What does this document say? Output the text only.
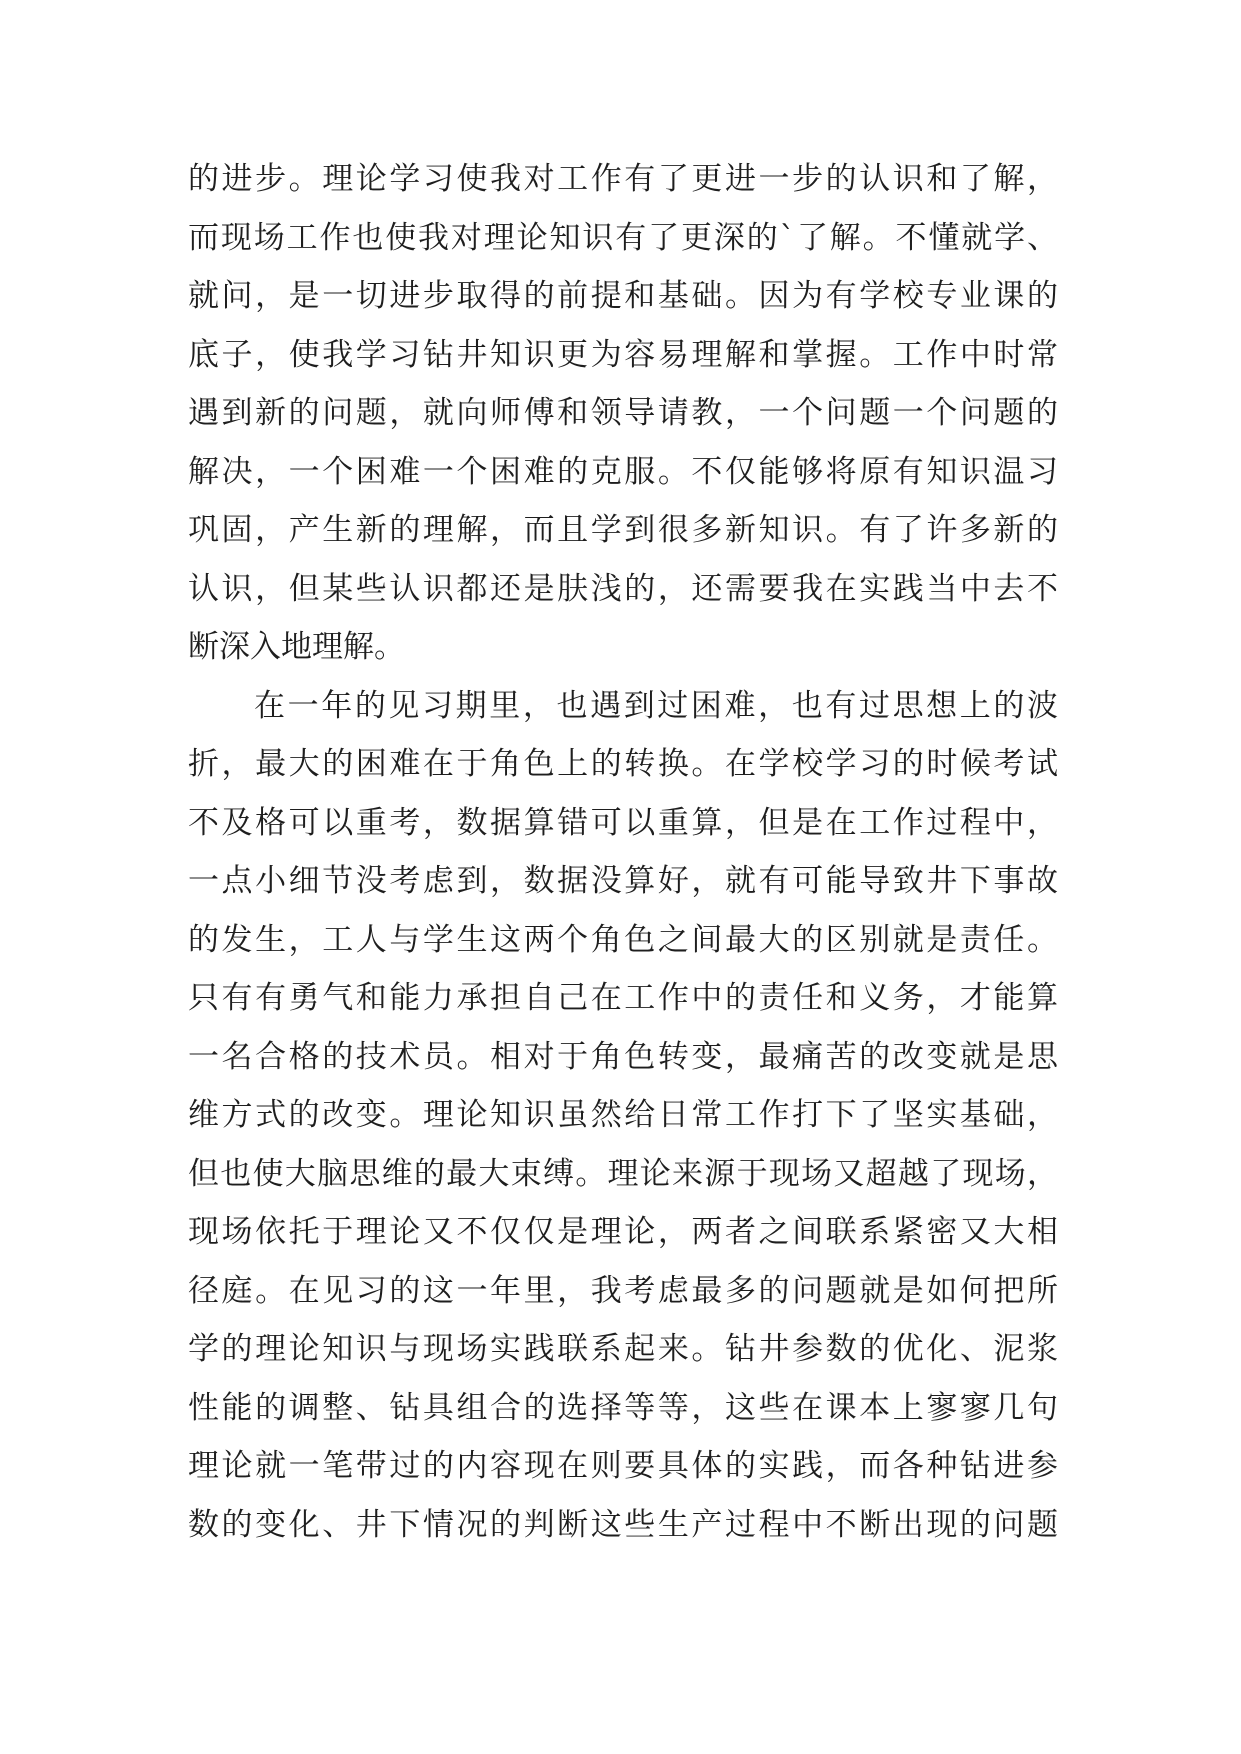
的进步。理论学习使我对工作有了更进一步的认识和了解，
而现场工作也使我对理论知识有了更深的`了解。不懂就学、
就问，是一切进步取得的前提和基础。因为有学校专业课的
底子，使我学习钻井知识更为容易理解和掌握。工作中时常
遇到新的问题，就向师傅和领导请教，一个问题一个问题的
解决，一个困难一个困难的克服。不仅能够将原有知识温习
巩固，产生新的理解，而且学到很多新知识。有了许多新的
认识，但某些认识都还是肤浅的，还需要我在实践当中去不
断深入地理解。
在一年的见习期里，也遇到过困难，也有过思想上的波
折，最大的困难在于角色上的转换。在学校学习的时候考试
不及格可以重考，数据算错可以重算，但是在工作过程中，
一点小细节没考虑到，数据没算好，就有可能导致井下事故
的发生，工人与学生这两个角色之间最大的区别就是责任。
只有有勇气和能力承担自己在工作中的责任和义务，才能算
一名合格的技术员。相对于角色转变，最痛苦的改变就是思
维方式的改变。理论知识虽然给日常工作打下了坚实基础，
但也使大脑思维的最大束缚。理论来源于现场又超越了现场，
现场依托于理论又不仅仅是理论，两者之间联系紧密又大相
径庭。在见习的这一年里，我考虑最多的问题就是如何把所
学的理论知识与现场实践联系起来。钻井参数的优化、泥浆
性能的调整、钻具组合的选择等等，这些在课本上寥寥几句
理论就一笔带过的内容现在则要具体的实践，而各种钻进参
数的变化、井下情况的判断这些生产过程中不断出现的问题
